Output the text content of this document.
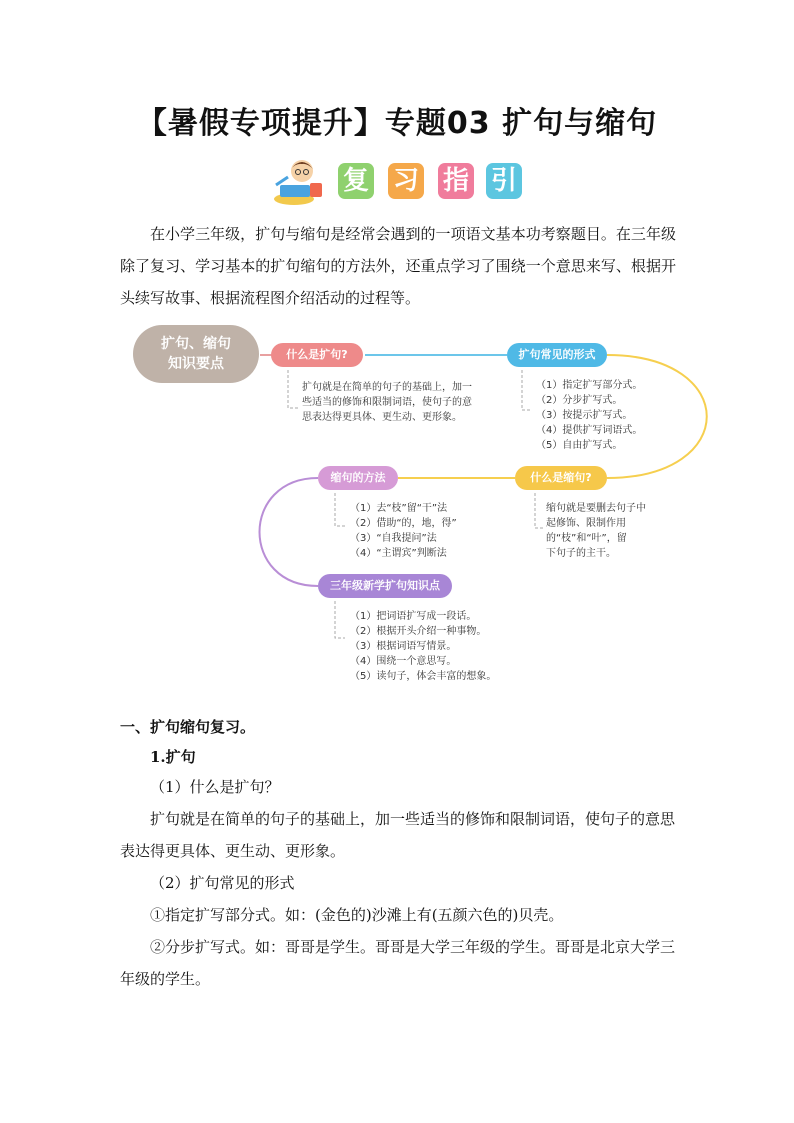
【暑假专项提升】专题03 扩句与缩句
复 习 指 引
在小学三年级，扩句与缩句是经常会遇到的一项语文基本功考察题目。在三年级除了复习、学习基本的扩句缩句的方法外，还重点学习了围绕一个意思来写、根据开头续写故事、根据流程图介绍活动的过程等。
扩句、缩句
知识要点
什么是扩句?
扩句就是在简单的句子的基础上，加一
些适当的修饰和限制词语，使句子的意
思表达得更具体、更生动、更形象。
扩句常见的形式
（1）指定扩写部分式。
（2）分步扩写式。
（3）按提示扩写式。
（4）提供扩写词语式。
（5）自由扩写式。
什么是缩句?
缩句就是要删去句子中
起修饰、限制作用
的“枝”和“叶”，留
下句子的主干。
缩句的方法
（1）去“枝”留“干”法
（2）借助“的，地，得”
（3）“自我提问”法
（4）“主谓宾”判断法
三年级新学扩句知识点
（1）把词语扩写成一段话。
（2）根据开头介绍一种事物。
（3）根据词语写情景。
（4）围绕一个意思写。
（5）读句子，体会丰富的想象。
一、扩句缩句复习。
1.扩句
（1）什么是扩句？
扩句就是在简单的句子的基础上，加一些适当的修饰和限制词语，使句子的意思表达得更具体、更生动、更形象。
（2）扩句常见的形式
①指定扩写部分式。如：(金色的)沙滩上有(五颜六色的)贝壳。
②分步扩写式。如：哥哥是学生。哥哥是大学三年级的学生。哥哥是北京大学三年级的学生。
